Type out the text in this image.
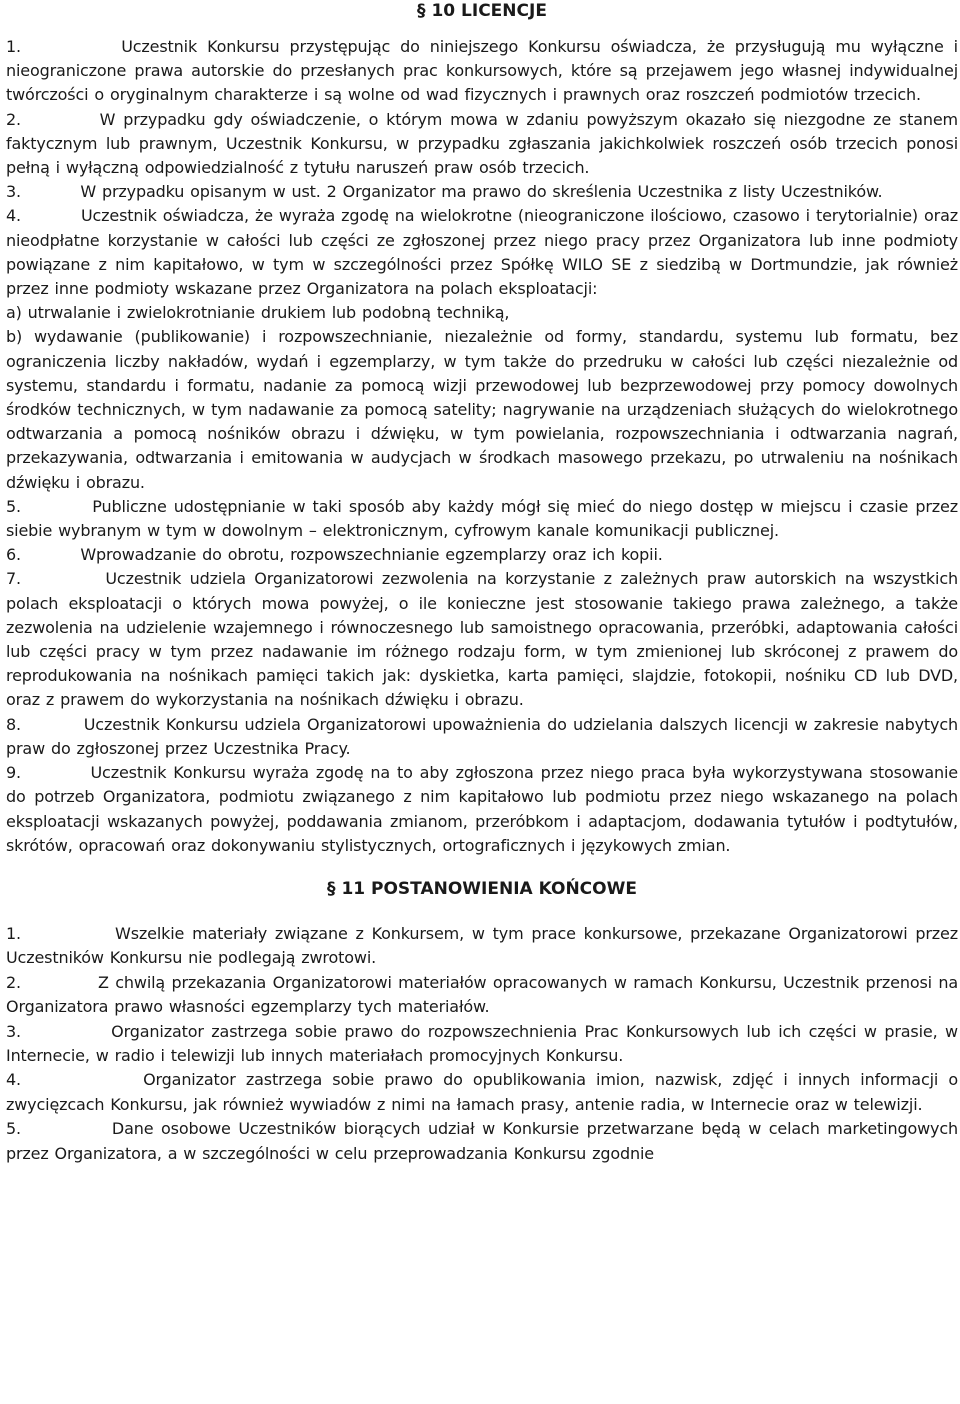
§ 10 LICENCJE

1.	Uczestnik Konkursu przystępując do niniejszego Konkursu oświadcza, że przysługują mu wyłączne i nieograniczone prawa autorskie do przesłanych prac konkursowych, które są przejawem jego własnej indywidualnej twórczości o oryginalnym charakterze i są wolne od wad fizycznych i prawnych oraz roszczeń podmiotów trzecich.

2.	W przypadku gdy oświadczenie, o którym mowa w zdaniu powyższym okazało się niezgodne ze stanem faktycznym lub prawnym, Uczestnik Konkursu, w przypadku zgłaszania jakichkolwiek roszczeń osób trzecich ponosi pełną i wyłączną odpowiedzialność z tytułu naruszeń praw osób trzecich.

3.	W przypadku opisanym w ust. 2 Organizator ma prawo do skreślenia Uczestnika z listy Uczestników.

4.	Uczestnik oświadcza, że wyraża zgodę na wielokrotne (nieograniczone ilościowo, czasowo i terytorialnie) oraz nieodpłatne korzystanie w całości lub części ze zgłoszonej przez niego pracy przez Organizatora lub inne podmioty powiązane z nim kapitałowo, w tym w szczególności przez Spółkę WILO SE z siedzibą w Dortmundzie, jak również przez inne podmioty wskazane przez Organizatora na polach eksploatacji:

a) utrwalanie i zwielokrotnianie drukiem lub podobną techniką,

b) wydawanie (publikowanie) i rozpowszechnianie, niezależnie od formy, standardu, systemu lub formatu, bez ograniczenia liczby nakładów, wydań i egzemplarzy, w tym także do przedruku w całości lub części niezależnie od systemu, standardu i formatu, nadanie za pomocą wizji przewodowej lub bezprzewodowej przy pomocy dowolnych środków technicznych, w tym nadawanie za pomocą satelity; nagrywanie na urządzeniach służących do wielokrotnego odtwarzania a pomocą nośników obrazu i dźwięku, w tym powielania, rozpowszechniania i odtwarzania nagrań, przekazywania, odtwarzania i emitowania w audycjach w środkach masowego przekazu, po utrwaleniu na nośnikach dźwięku i obrazu.

5.	Publiczne udostępnianie w taki sposób aby każdy mógł się mieć do niego dostęp w miejscu i czasie przez siebie wybranym w tym w dowolnym – elektronicznym, cyfrowym kanale komunikacji publicznej.

6.	Wprowadzanie do obrotu, rozpowszechnianie egzemplarzy oraz ich kopii.

7.	Uczestnik udziela Organizatorowi zezwolenia na korzystanie z zależnych praw autorskich na wszystkich polach eksploatacji o których mowa powyżej, o ile konieczne jest stosowanie takiego prawa zależnego, a także zezwolenia na udzielenie wzajemnego i równoczesnego lub samoistnego opracowania, przeróbki, adaptowania całości lub części pracy w tym przez nadawanie im różnego rodzaju form, w tym zmienionej lub skróconej z prawem do reprodukowania na nośnikach pamięci takich jak: dyskietka, karta pamięci, slajdzie, fotokopii, nośniku CD lub DVD, oraz z prawem do wykorzystania na nośnikach dźwięku i obrazu.

8.	Uczestnik Konkursu udziela Organizatorowi upoważnienia do udzielania dalszych licencji w zakresie nabytych praw do zgłoszonej przez Uczestnika Pracy.

9.	Uczestnik Konkursu wyraża zgodę na to aby zgłoszona przez niego praca była wykorzystywana stosowanie do potrzeb Organizatora, podmiotu związanego z nim kapitałowo lub podmiotu przez niego wskazanego na polach eksploatacji wskazanych powyżej, poddawania zmianom, przeróbkom i adaptacjom, dodawania tytułów i podtytułów, skrótów, opracowań oraz dokonywaniu stylistycznych, ortograficznych i językowych zmian.

§ 11 POSTANOWIENIA KOŃCOWE

1.	Wszelkie materiały związane z Konkursem, w tym prace konkursowe, przekazane Organizatorowi przez Uczestników Konkursu nie podlegają zwrotowi.

2.	Z chwilą przekazania Organizatorowi materiałów opracowanych w ramach Konkursu, Uczestnik przenosi na Organizatora prawo własności egzemplarzy tych materiałów.

3.	Organizator zastrzega sobie prawo do rozpowszechnienia Prac Konkursowych lub ich części w prasie, w Internecie, w radio i telewizji lub innych materiałach promocyjnych Konkursu.

4.	Organizator zastrzega sobie prawo do opublikowania imion, nazwisk, zdjęć i innych informacji o zwycięzcach Konkursu, jak również wywiadów z nimi na łamach prasy, antenie radia, w Internecie oraz w telewizji.

5.	Dane osobowe Uczestników biorących udział w Konkursie przetwarzane będą w celach marketingowych przez Organizatora, a w szczególności w celu przeprowadzania Konkursu zgodnie
